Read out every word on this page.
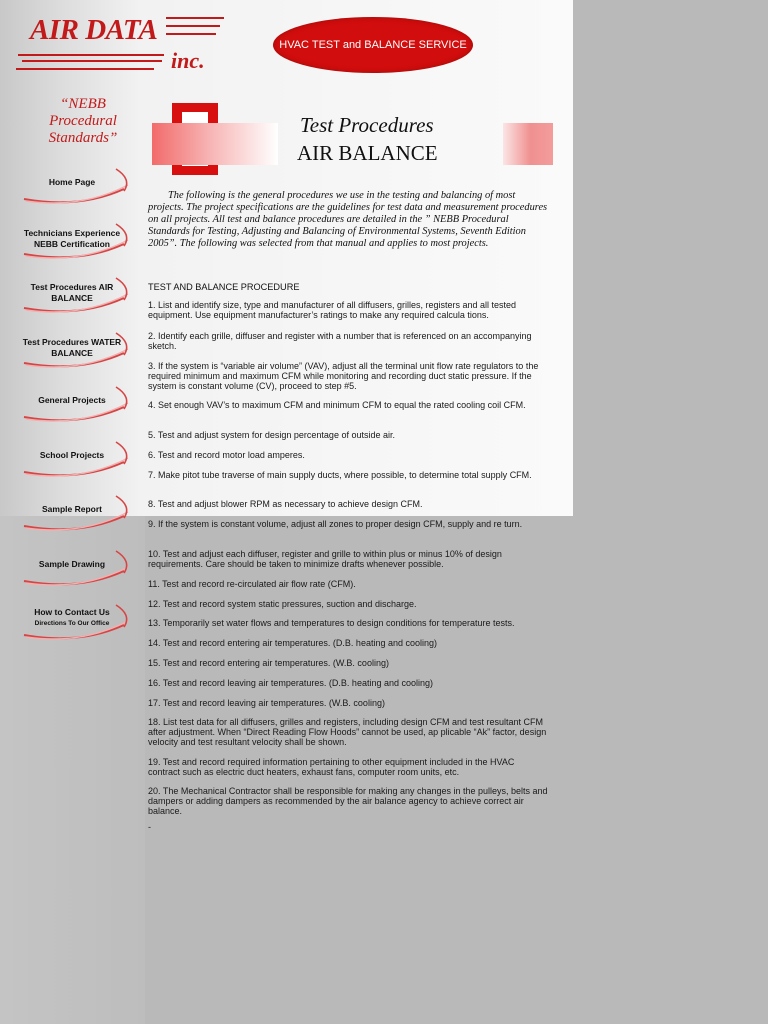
AIR DATA
inc.
HVAC TEST and BALANCE SERVICE
“NEBB Procedural Standards”
Home Page
Technicians Experience NEBB Certification
Test Procedures AIR BALANCE
Test Procedures WATER BALANCE
General Projects
School Projects
Sample Report
Sample Drawing
How to Contact Us
Directions To Our Office
Test Procedures
AIR BALANCE
The following is the general procedures we use in the testing and balancing of most projects. The project specifications are the guidelines for test data and measurement procedures on all projects. All test and balance procedures are detailed in the ” NEBB Procedural Standards for Testing, Adjusting and Balancing of Environmental Systems, Seventh Edition 2005”. The following was selected from that manual and applies to most projects.
TEST AND BALANCE PROCEDURE
1. List and identify size, type and manufacturer of all diffusers, grilles, registers and all tested equipment. Use equipment manufacturer’s ratings to make any required calcula tions.
2. Identify each grille, diffuser and register with a number that is referenced on an accompanying sketch.
3. If the system is “variable air volume” (VAV), adjust all the terminal unit flow rate regulators to the required minimum and maximum CFM while monitoring and recording duct static pressure. If the system is constant volume (CV), proceed to step #5.
4. Set enough VAV’s to maximum CFM and minimum CFM to equal the rated cooling coil CFM.
5. Test and adjust system for design percentage of outside air.
6. Test and record motor load amperes.
7. Make pitot tube traverse of main supply ducts, where possible, to determine total supply CFM.
8. Test and adjust blower RPM as necessary to achieve design CFM.
9. If the system is constant volume, adjust all zones to proper design CFM, supply and re turn.
10. Test and adjust each diffuser, register and grille to within plus or minus 10% of design requirements. Care should be taken to minimize drafts whenever possible.
11. Test and record re-circulated air flow rate (CFM).
12. Test and record system static pressures, suction and discharge.
13. Temporarily set water flows and temperatures to design conditions for temperature tests.
14. Test and record entering air temperatures. (D.B. heating and cooling)
15. Test and record entering air temperatures. (W.B. cooling)
16. Test and record leaving air temperatures. (D.B. heating and cooling)
17. Test and record leaving air temperatures. (W.B. cooling)
18. List test data for all diffusers, grilles and registers, including design CFM and test resultant CFM after adjustment. When “Direct Reading Flow Hoods” cannot be used, ap plicable “Ak” factor, design velocity and test resultant velocity shall be shown.
19. Test and record required information pertaining to other equipment included in the HVAC contract such as electric duct heaters, exhaust fans, computer room units, etc.
20. The Mechanical Contractor shall be responsible for making any changes in the pulleys, belts and dampers or adding dampers as recommended by the air balance agency to achieve correct air balance.
-
